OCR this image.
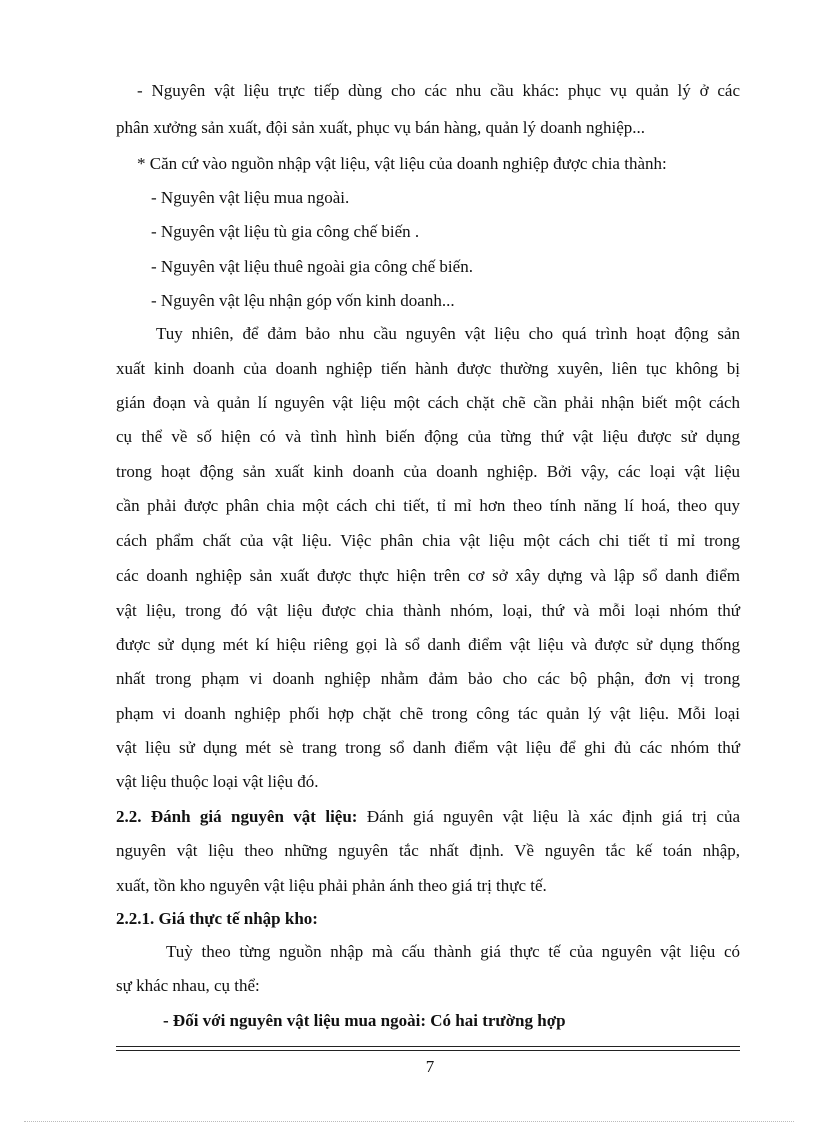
- Nguyên vật liệu trực tiếp dùng cho các nhu cầu khác: phục vụ quản lý ở các
phân xưởng sản xuất, đội sản xuất, phục vụ bán hàng, quản lý doanh nghiệp...
* Căn cứ vào nguồn nhập vật liệu, vật liệu của doanh nghiệp được chia thành:
- Nguyên vật liệu mua ngoài.
- Nguyên vật liệu tù gia công chế biến .
- Nguyên vật liệu thuê ngoài gia công chế biến.
- Nguyên vật lệu nhận góp vốn kinh doanh...
Tuy nhiên, để đảm bảo nhu cầu nguyên vật liệu cho quá trình hoạt động sản
xuất kinh doanh của doanh nghiệp tiến hành được thường xuyên, liên tục không bị
gián đoạn và quản lí nguyên vật liệu một cách chặt chẽ cần phải nhận biết một cách
cụ thể về số hiện có và tình hình biến động của từng thứ vật liệu được sử dụng
trong hoạt động sản xuất kinh doanh của doanh nghiệp. Bởi vậy, các loại vật liệu
cần phải được phân chia một cách chi tiết, tỉ mỉ hơn theo tính năng lí hoá, theo quy
cách phẩm chất của vật liệu. Việc phân chia vật liệu một cách chi tiết tỉ mỉ trong
các doanh nghiệp sản xuất được thực hiện trên cơ sở xây dựng và lập sổ danh điểm
vật liệu, trong đó vật liệu được chia thành nhóm, loại, thứ và mỗi loại nhóm thứ
được sử dụng mét kí hiệu riêng gọi là sổ danh điểm vật liệu và được sử dụng thống
nhất trong phạm vi doanh nghiệp nhằm đảm bảo cho các bộ phận, đơn vị trong
phạm vi doanh nghiệp phối hợp chặt chẽ trong công tác quản lý vật liệu. Mỗi loại
vật liệu sử dụng mét sè trang trong sổ danh điểm vật liệu để ghi đủ các nhóm thứ
vật liệu thuộc loại vật liệu đó.
2.2. Đánh giá nguyên vật liệu: Đánh giá nguyên vật liệu là xác định giá trị của
nguyên vật liệu theo những nguyên tắc nhất định. Về nguyên tắc kế toán nhập,
xuất, tồn kho nguyên vật liệu phải phản ánh theo giá trị thực tế.
2.2.1. Giá thực tế nhập kho:
Tuỳ theo từng nguồn nhập mà cấu thành giá thực tế của nguyên vật liệu có
sự khác nhau, cụ thể:
- Đối với nguyên vật liệu mua ngoài: Có hai trường hợp
7
